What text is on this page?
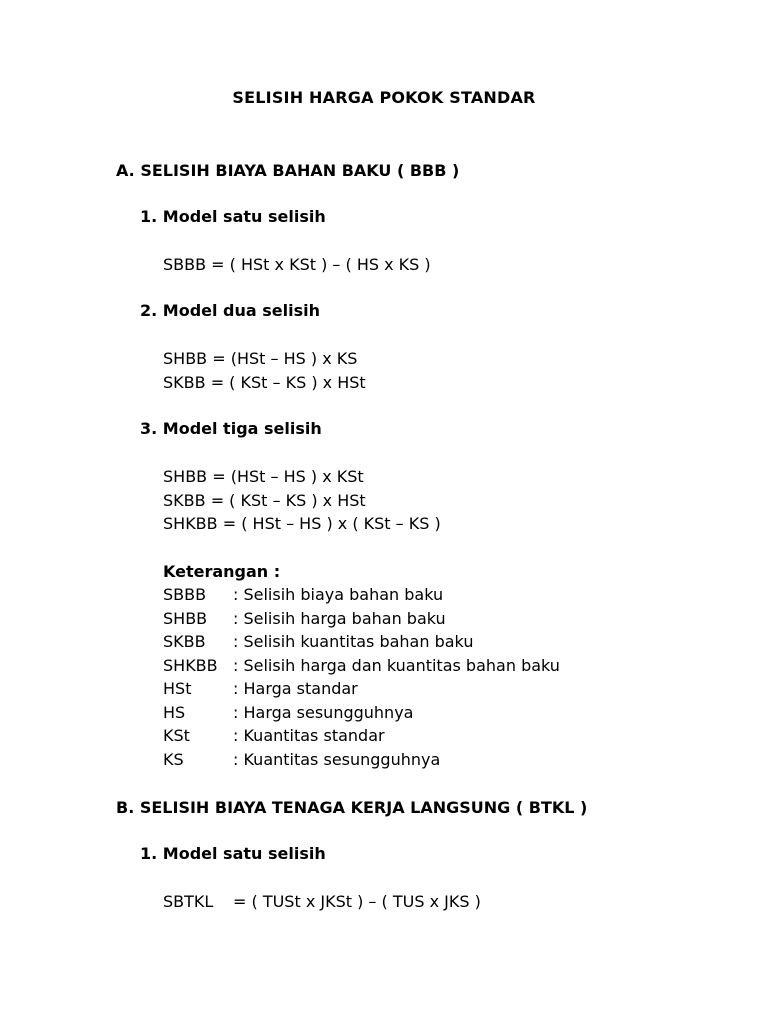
SELISIH HARGA POKOK STANDAR
A. SELISIH BIAYA BAHAN BAKU ( BBB )
1. Model satu selisih
SBBB = ( HSt x KSt ) – ( HS x KS )
2. Model dua selisih
SHBB = (HSt – HS ) x KS
SKBB = ( KSt – KS ) x HSt
3. Model tiga selisih
SHBB = (HSt – HS ) x KSt
SKBB = ( KSt – KS ) x HSt
SHKBB = ( HSt – HS ) x ( KSt – KS )
Keterangan :
SBBB : Selisih biaya bahan baku
SHBB : Selisih harga bahan baku
SKBB : Selisih kuantitas bahan baku
SHKBB : Selisih harga dan kuantitas bahan baku
HSt	: Harga standar
HS	: Harga sesungguhnya
KSt	: Kuantitas standar
KS	: Kuantitas sesungguhnya
B. SELISIH BIAYA TENAGA KERJA LANGSUNG ( BTKL )
1. Model satu selisih
SBTKL = ( TUSt x JKSt ) – ( TUS x JKS )
